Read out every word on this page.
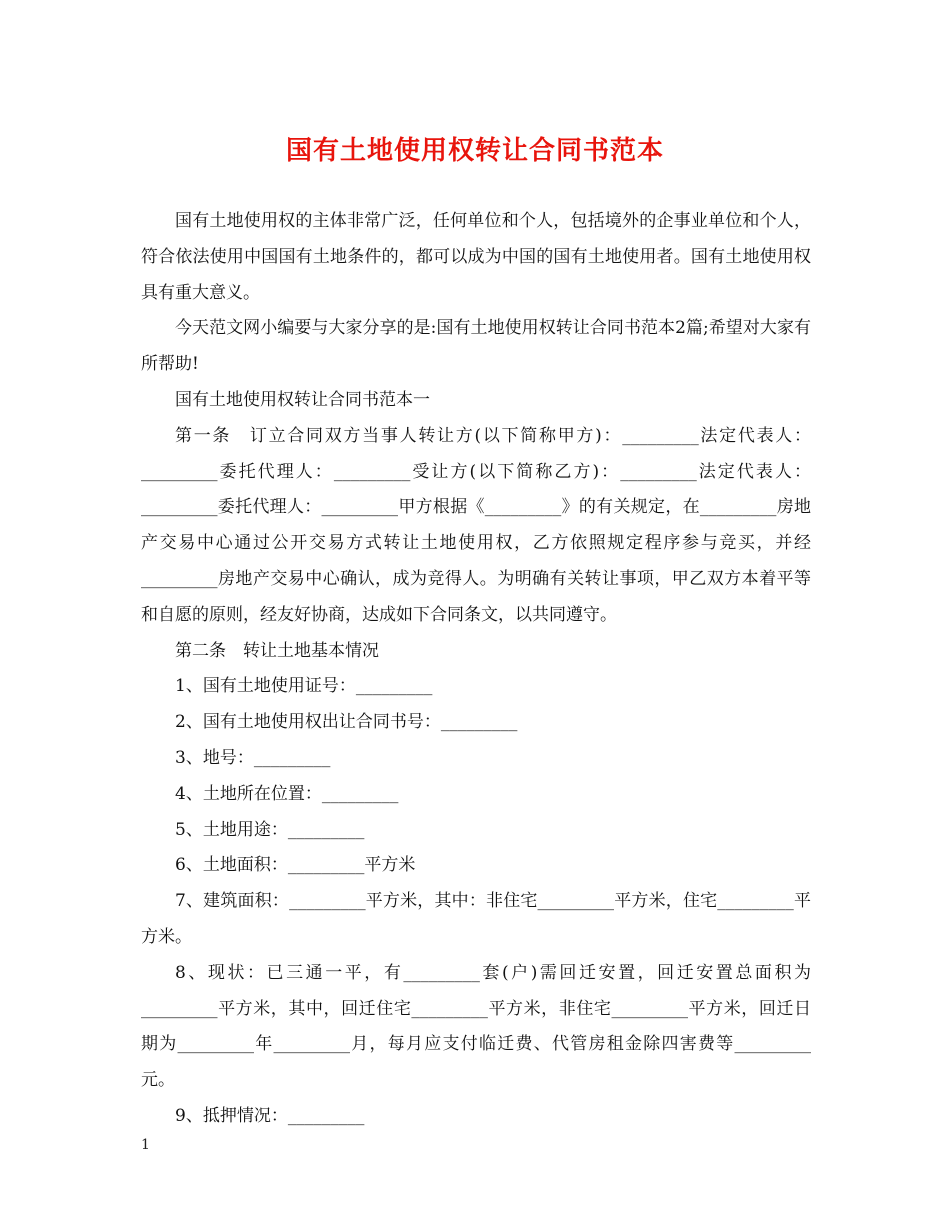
国有土地使用权转让合同书范本

国有土地使用权的主体非常广泛，任何单位和个人，包括境外的企事业单位和个人，符合依法使用中国国有土地条件的，都可以成为中国的国有土地使用者。国有土地使用权具有重大意义。

今天范文网小编要与大家分享的是:国有土地使用权转让合同书范本2篇;希望对大家有所帮助!

国有土地使用权转让合同书范本一

第一条　订立合同双方当事人转让方(以下简称甲方)：_________法定代表人：_________委托代理人：_________受让方(以下简称乙方)：_________法定代表人：_________委托代理人：_________甲方根据《_________》的有关规定，在_________房地产交易中心通过公开交易方式转让土地使用权，乙方依照规定程序参与竞买，并经_________房地产交易中心确认，成为竞得人。为明确有关转让事项，甲乙双方本着平等和自愿的原则，经友好协商，达成如下合同条文，以共同遵守。

第二条　转让土地基本情况

1、国有土地使用证号：_________

2、国有土地使用权出让合同书号：_________

3、地号：_________

4、土地所在位置：_________

5、土地用途：_________

6、土地面积：_________平方米

7、建筑面积：_________平方米，其中：非住宅_________平方米，住宅_________平方米。

8、现状：已三通一平，有_________套(户)需回迁安置，回迁安置总面积为_________平方米，其中，回迁住宅_________平方米，非住宅_________平方米，回迁日期为_________年_________月，每月应支付临迁费、代管房租金除四害费等_________元。

9、抵押情况：_________

1
